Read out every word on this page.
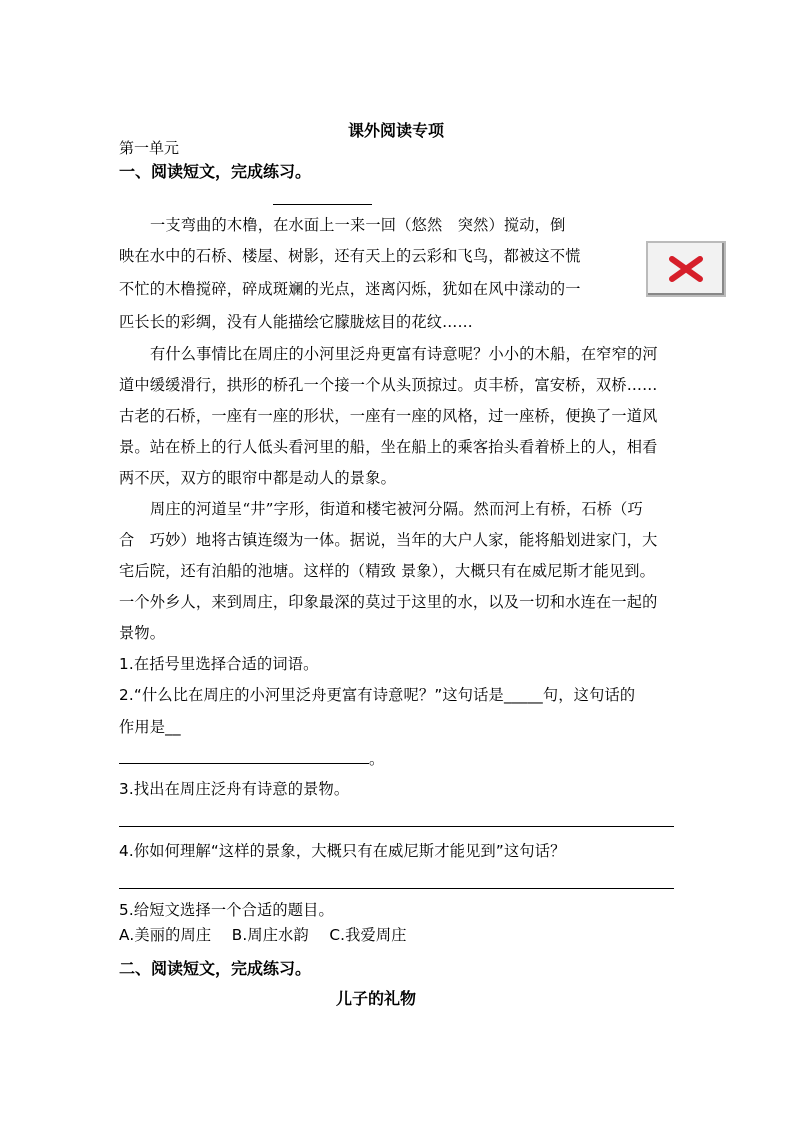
课外阅读专项
第一单元
一、阅读短文，完成练习。
一支弯曲的木橹，在水面上一来一回（悠然　突然）搅动，倒
映在水中的石桥、楼屋、树影，还有天上的云彩和飞鸟，都被这不慌
不忙的木橹搅碎，碎成斑斓的光点，迷离闪烁，犹如在风中漾动的一
匹长长的彩绸，没有人能描绘它朦胧炫目的花纹……
有什么事情比在周庄的小河里泛舟更富有诗意呢？小小的木船，在窄窄的河
道中缓缓滑行，拱形的桥孔一个接一个从头顶掠过。贞丰桥，富安桥，双桥……
古老的石桥，一座有一座的形状，一座有一座的风格，过一座桥，便换了一道风
景。站在桥上的行人低头看河里的船，坐在船上的乘客抬头看着桥上的人，相看
两不厌，双方的眼帘中都是动人的景象。
周庄的河道呈“井”字形，街道和楼宅被河分隔。然而河上有桥，石桥（巧
合　巧妙）地将古镇连缀为一体。据说，当年的大户人家，能将船划进家门，大
宅后院，还有泊船的池塘。这样的（精致 景象），大概只有在威尼斯才能见到。
一个外乡人，来到周庄，印象最深的莫过于这里的水，以及一切和水连在一起的
景物。
1.在括号里选择合适的词语。
2.“什么比在周庄的小河里泛舟更富有诗意呢？”这句话是_____句，这句话的
作用是__
。
3.找出在周庄泛舟有诗意的景物。
4.你如何理解“这样的景象，大概只有在威尼斯才能见到”这句话？
5.给短文选择一个合适的题目。
A.美丽的周庄　 B.周庄水韵　 C.我爱周庄
二、阅读短文，完成练习。
儿子的礼物
